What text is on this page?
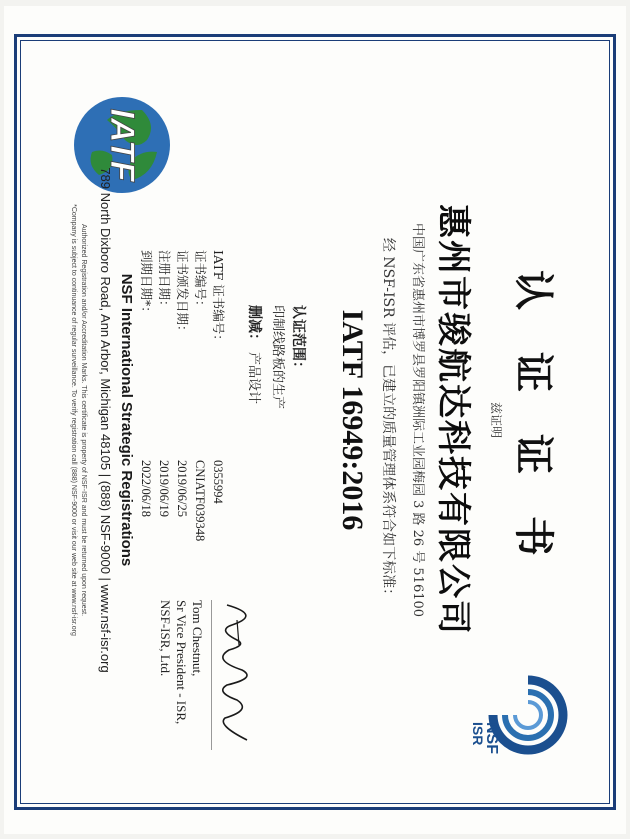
NSF
ISR
IATF
认 证 证 书
兹证明
惠州市骏航达科技有限公司
中国广东省惠州市博罗县罗阳镇洲际工业园梅园 3 路 26 号 516100
经 NSF-ISR 评估，已建立的质量管理体系符合如下标准：
IATF 16949:2016
认证范围：
印制线路板的生产
删减：
产品设计
IATF 证书编号：
证书编号：
证书颁发日期：
注册日期：
到期日期*：
0355994
CNIATF039348
2019/06/25
2019/06/19
2022/06/18
Tom Chestnut,
Sr Vice President - ISR,
NSF-ISR, Ltd.
NSF International Strategic Registrations
789 North Dixboro Road, Ann Arbor, Michigan 48105 | (888) NSF-9000 | www.nsf-isr.org
Authorized Registration and/or Accreditation Marks. This certificate is property of NSF-ISR and must be returned upon request.
*Company is subject to continuance of regular surveillance. To verify registration call (888) NSF-9000 or visit our web site at www.nsf-isr.org
